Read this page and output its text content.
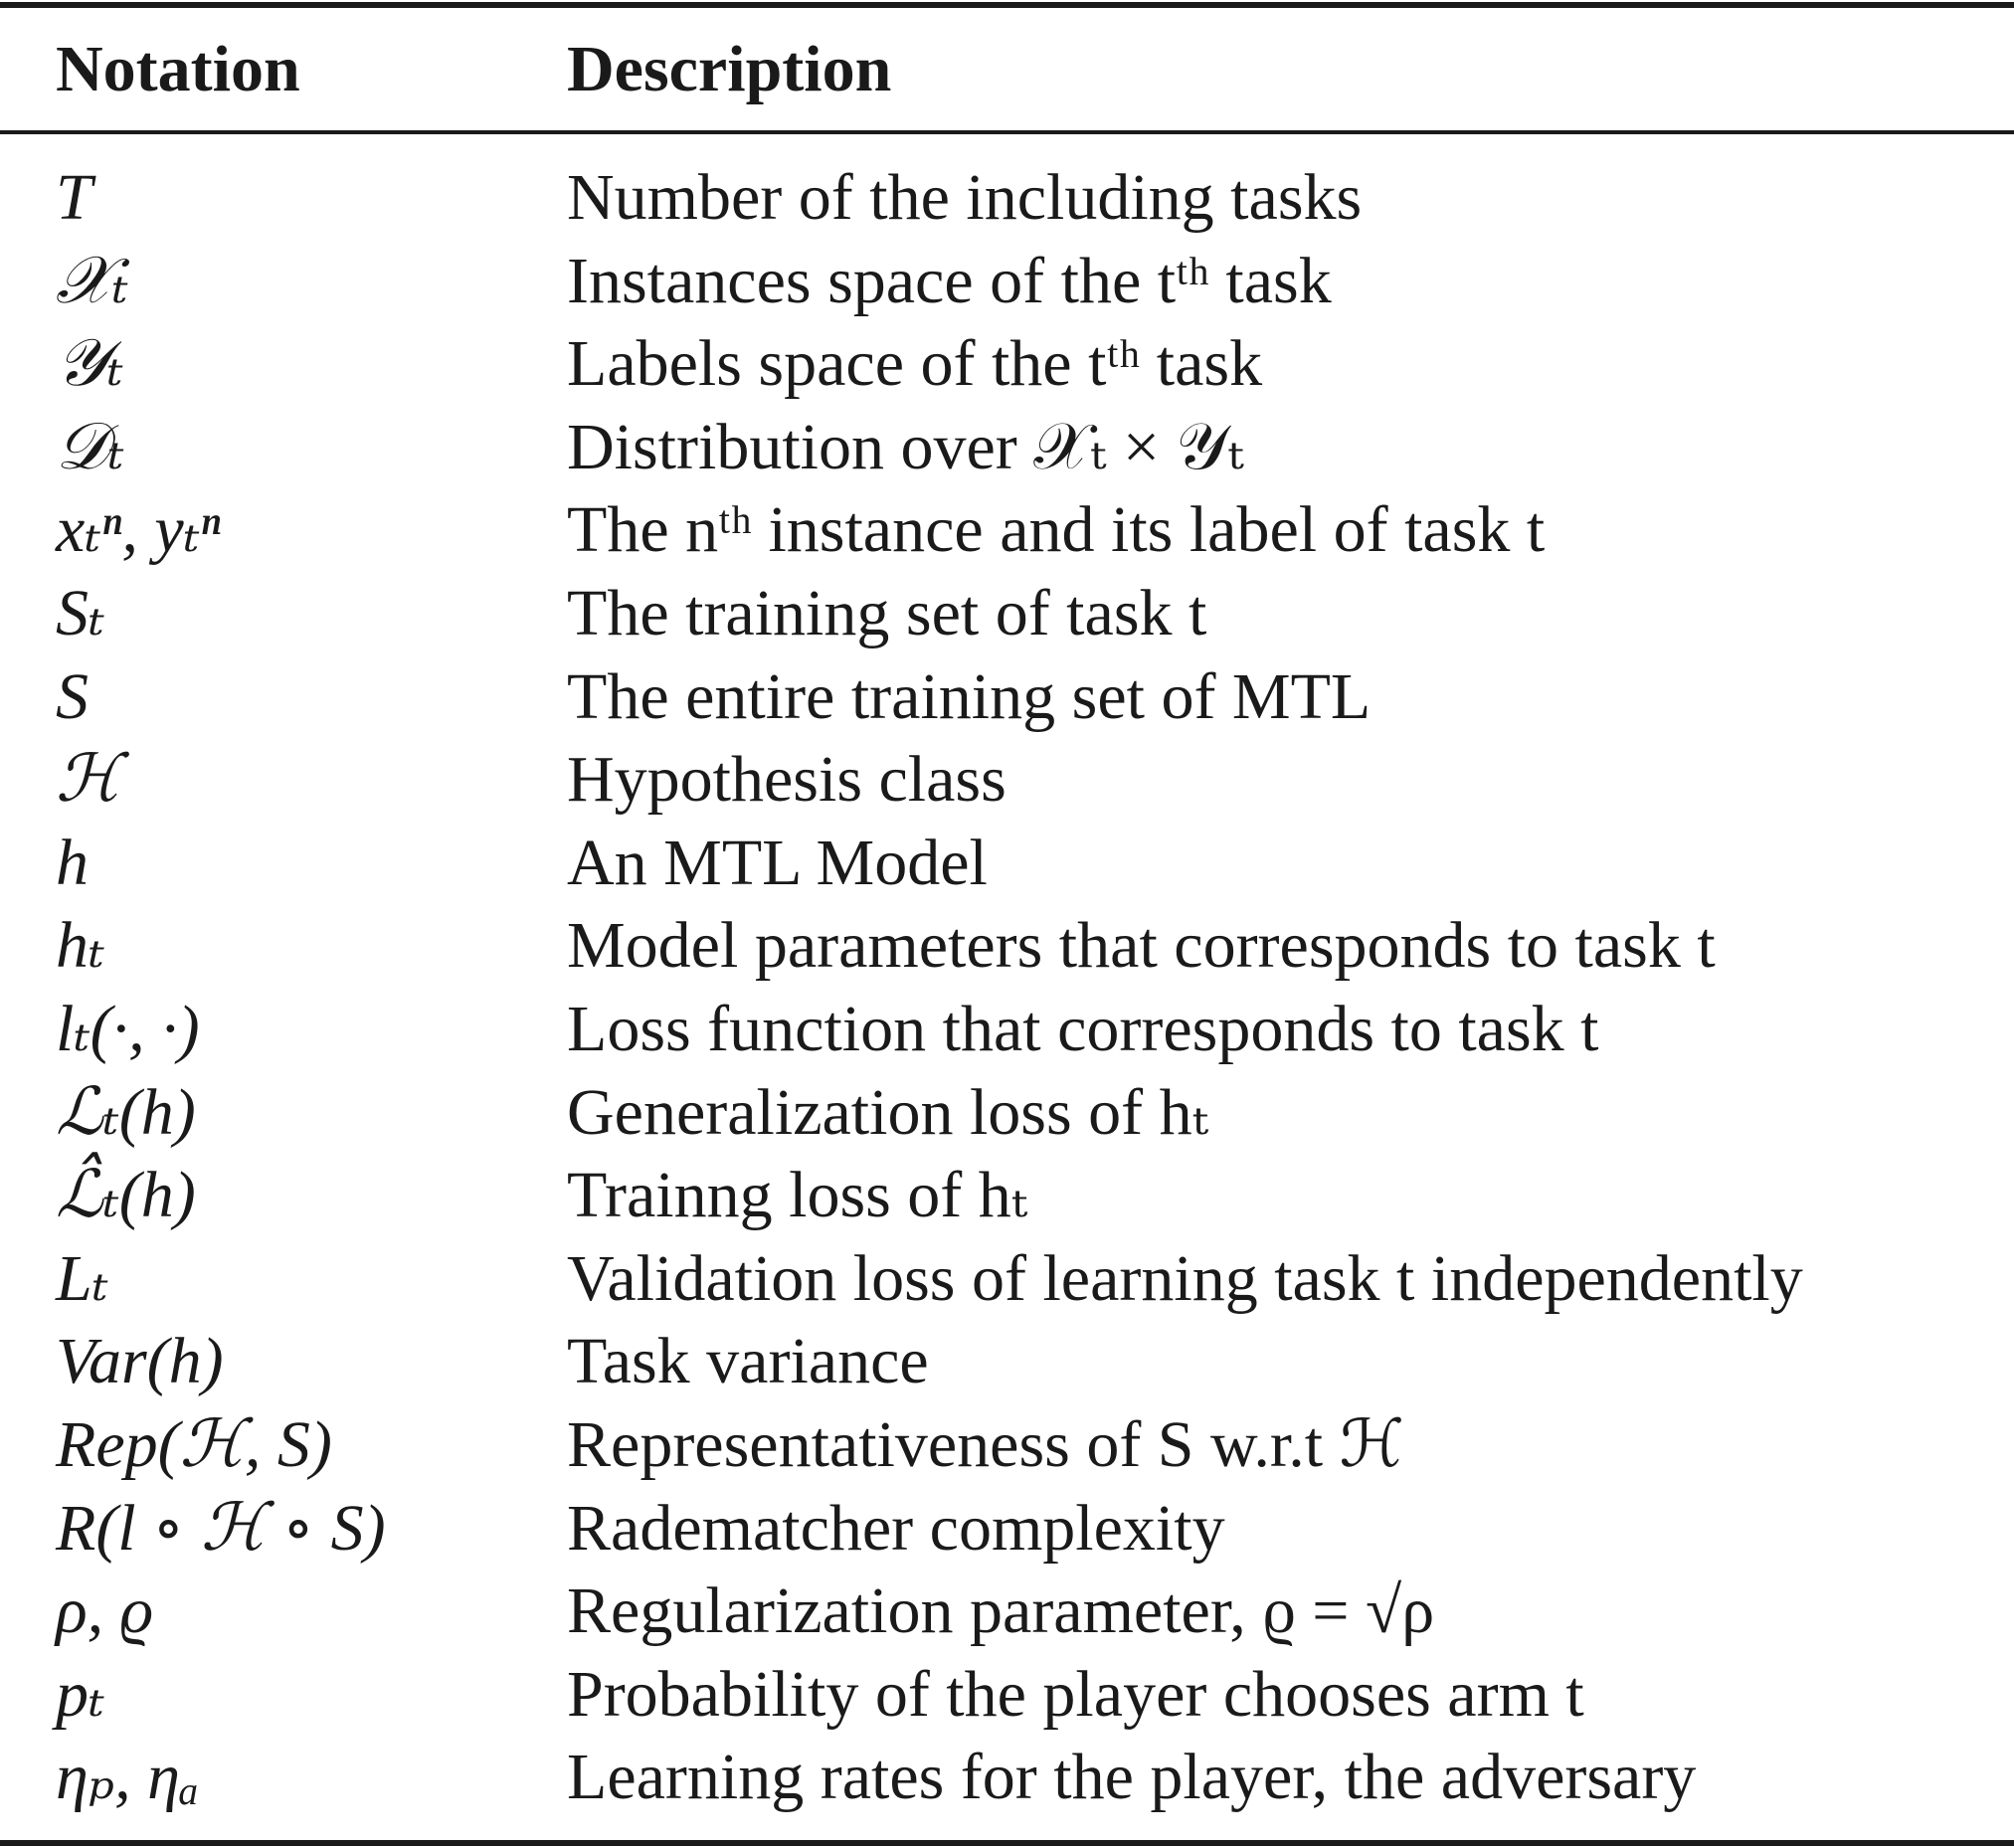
Notation	Description
T	Number of the including tasks
𝒳ₜ	Instances space of the tᵗʰ task
𝒴ₜ	Labels space of the tᵗʰ task
𝒟ₜ	Distribution over 𝒳ₜ × 𝒴ₜ
xₜⁿ, yₜⁿ	The nᵗʰ instance and its label of task t
Sₜ	The training set of task t
S	The entire training set of MTL
ℋ	Hypothesis class
h	An MTL Model
hₜ	Model parameters that corresponds to task t
lₜ(·, ·)	Loss function that corresponds to task t
ℒₜ(h)	Generalization loss of hₜ
ℒ̂ₜ(h)	Trainng loss of hₜ
Lₜ	Validation loss of learning task t independently
Var(h)	Task variance
Rep(ℋ, S)	Representativeness of S w.r.t ℋ
R(l ∘ ℋ ∘ S)	Radematcher complexity
ρ, ϱ	Regularization parameter, ϱ = √ρ
pₜ	Probability of the player chooses arm t
ηₚ, ηₐ	Learning rates for the player, the adversary
